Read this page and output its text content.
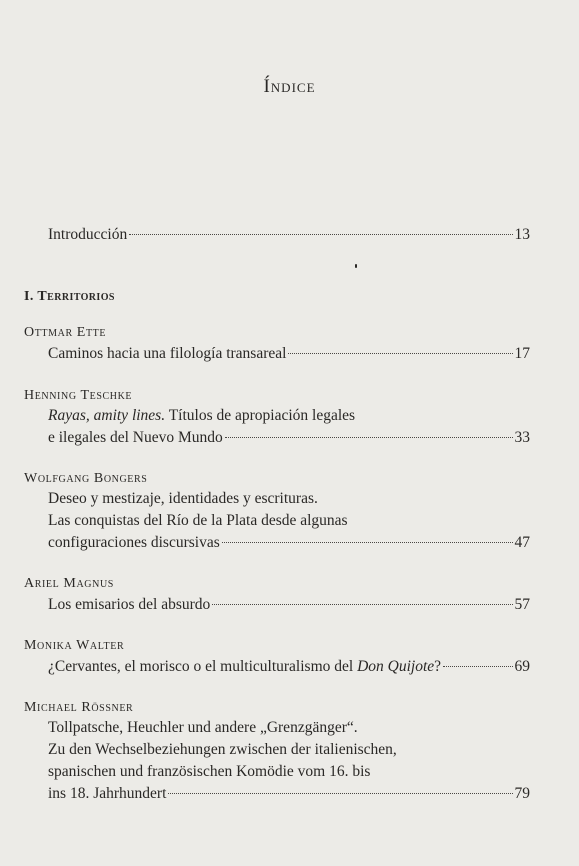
Índice
Introducción	13
I. Territorios
Ottmar Ette
Caminos hacia una filología transareal	17
Henning Teschke
Rayas, amity lines. Títulos de apropiación legales
e ilegales del Nuevo Mundo	33
Wolfgang Bongers
Deseo y mestizaje, identidades y escrituras.
Las conquistas del Río de la Plata desde algunas
configuraciones discursivas	47
Ariel Magnus
Los emisarios del absurdo	57
Monika Walter
¿Cervantes, el morisco o el multiculturalismo del Don Quijote?	69
Michael Rössner
Tollpatsche, Heuchler und andere „Grenzgänger“.
Zu den Wechselbeziehungen zwischen der italienischen,
spanischen und französischen Komödie vom 16. bis
ins 18. Jahrhundert	79
